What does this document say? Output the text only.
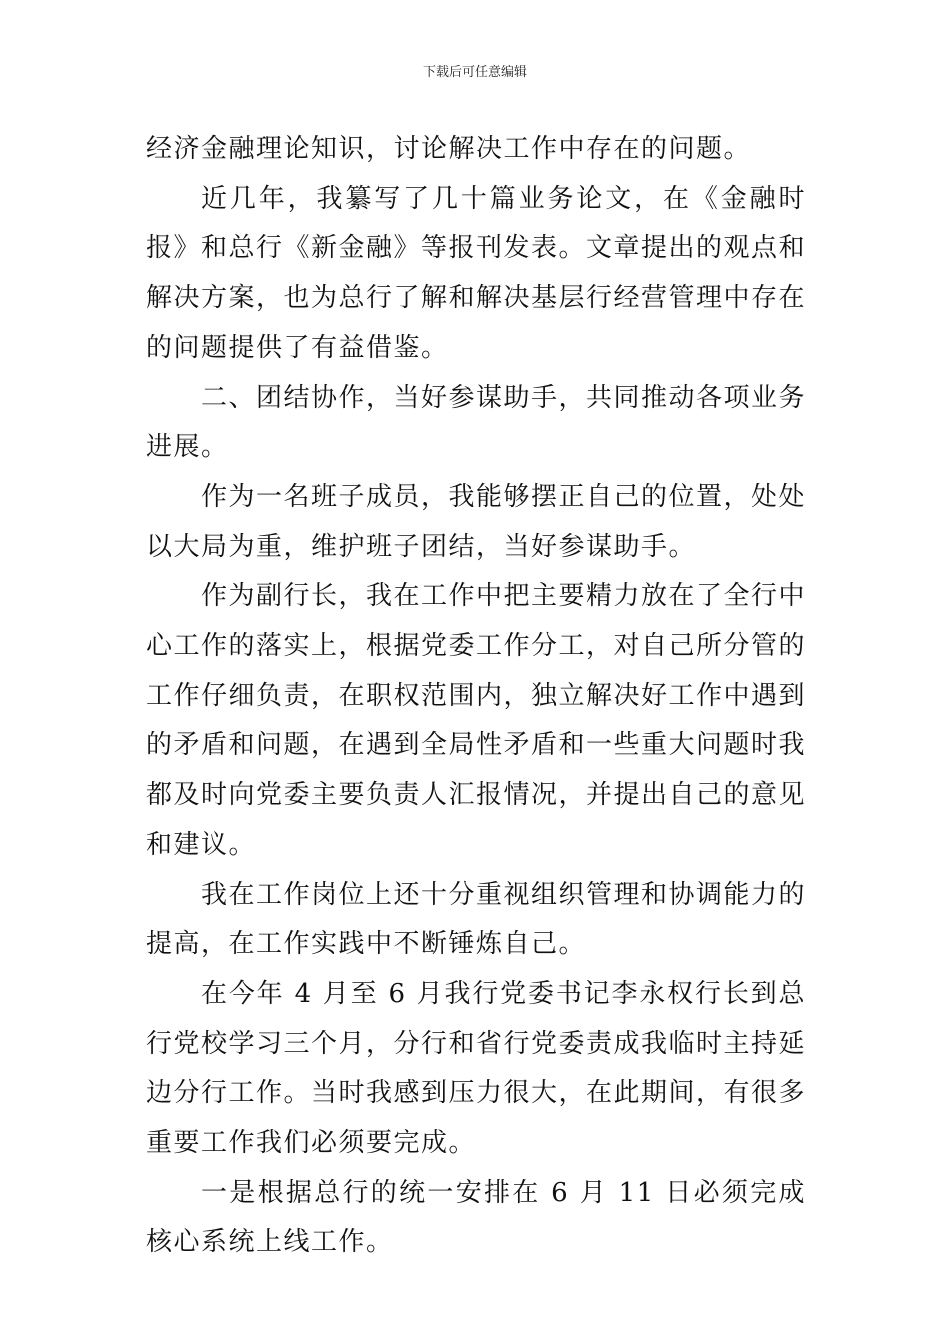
下载后可任意编辑

经济金融理论知识，讨论解决工作中存在的问题。

近几年，我纂写了几十篇业务论文，在《金融时报》和总行《新金融》等报刊发表。文章提出的观点和解决方案，也为总行了解和解决基层行经营管理中存在的问题提供了有益借鉴。

二、团结协作，当好参谋助手，共同推动各项业务进展。

作为一名班子成员，我能够摆正自己的位置，处处以大局为重，维护班子团结，当好参谋助手。

作为副行长，我在工作中把主要精力放在了全行中心工作的落实上，根据党委工作分工，对自己所分管的工作仔细负责，在职权范围内，独立解决好工作中遇到的矛盾和问题，在遇到全局性矛盾和一些重大问题时我都及时向党委主要负责人汇报情况，并提出自己的意见和建议。

我在工作岗位上还十分重视组织管理和协调能力的提高，在工作实践中不断锤炼自己。

在今年 4 月至 6 月我行党委书记李永权行长到总行党校学习三个月，分行和省行党委责成我临时主持延边分行工作。当时我感到压力很大，在此期间，有很多重要工作我们必须要完成。

一是根据总行的统一安排在 6 月 11 日必须完成核心系统上线工作。
